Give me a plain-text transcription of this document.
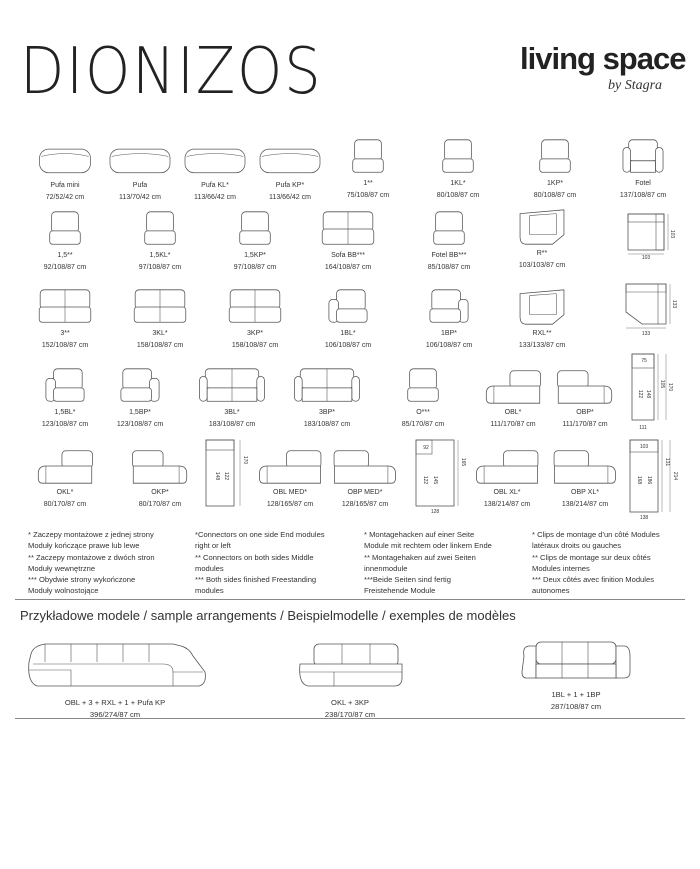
DIONIZOS	living space
by Stagra
Pufa mini
72/52/42 cm
Pufa
113/70/42 cm
Pufa KL*
113/66/42 cm
Pufa KP*
113/66/42 cm
1**
75/108/87 cm
1KL*
80/108/87 cm
1KP*
80/108/87 cm
Fotel
137/108/87 cm
1,5**
92/108/87 cm
1,5KL*
97/108/87 cm
1,5KP*
97/108/87 cm
Sofa BB***
164/108/87 cm
Fotel BB***
85/108/87 cm
R**
103/103/87 cm
3**
152/108/87 cm
3KL*
158/108/87 cm
3KP*
158/108/87 cm
1BL*
106/108/87 cm
1BP*
106/108/87 cm
RXL**
133/133/87 cm
1,5BL*
123/108/87 cm
1,5BP*
123/108/87 cm
3BL*
183/108/87 cm
3BP*
183/108/87 cm
O***
85/170/87 cm
OBL*
111/170/87 cm
OBP*
111/170/87 cm
OKL*
80/170/87 cm
OKP*
80/170/87 cm
OBL MED*
128/165/87 cm
OBP MED*
128/165/87 cm
OBL XL*
138/214/87 cm
OBP XL*
138/214/87 cm
103
103
133
133
75
105 170
122 148
111
148
170
122
92
122 145
165
128
103
168 186
131
214
138
* Zaczepy montażowe z jednej strony
Moduły kończące prawe lub lewe
** Zaczepy montażowe z dwóch stron
Moduły wewnętrzne
*** Obydwie strony wykończone
Moduły wolnostojące
*Connectors on one side End modules
right or left
** Connectors on both sides Middle
modules
*** Both sides finished Freestanding
modules
* Montagehacken auf einer Seite
Module mit rechtem oder linkem Ende
** Montagehaken auf zwei Seiten
innenmodule
***Beide Seiten sind fertig
Freistehende Module
* Clips de montage d'un côté Modules
latéraux droits ou gauches
** Clips de montage sur deux côtés
Modules internes
*** Deux côtés avec finition Modules
autonomes
Przykładowe modele / sample arrangements / Beispielmodelle / exemples de modèles
OBL + 3 + RXL + 1 + Pufa KP
396/274/87 cm
OKL + 3KP
238/170/87 cm
1BL + 1 + 1BP
287/108/87 cm
